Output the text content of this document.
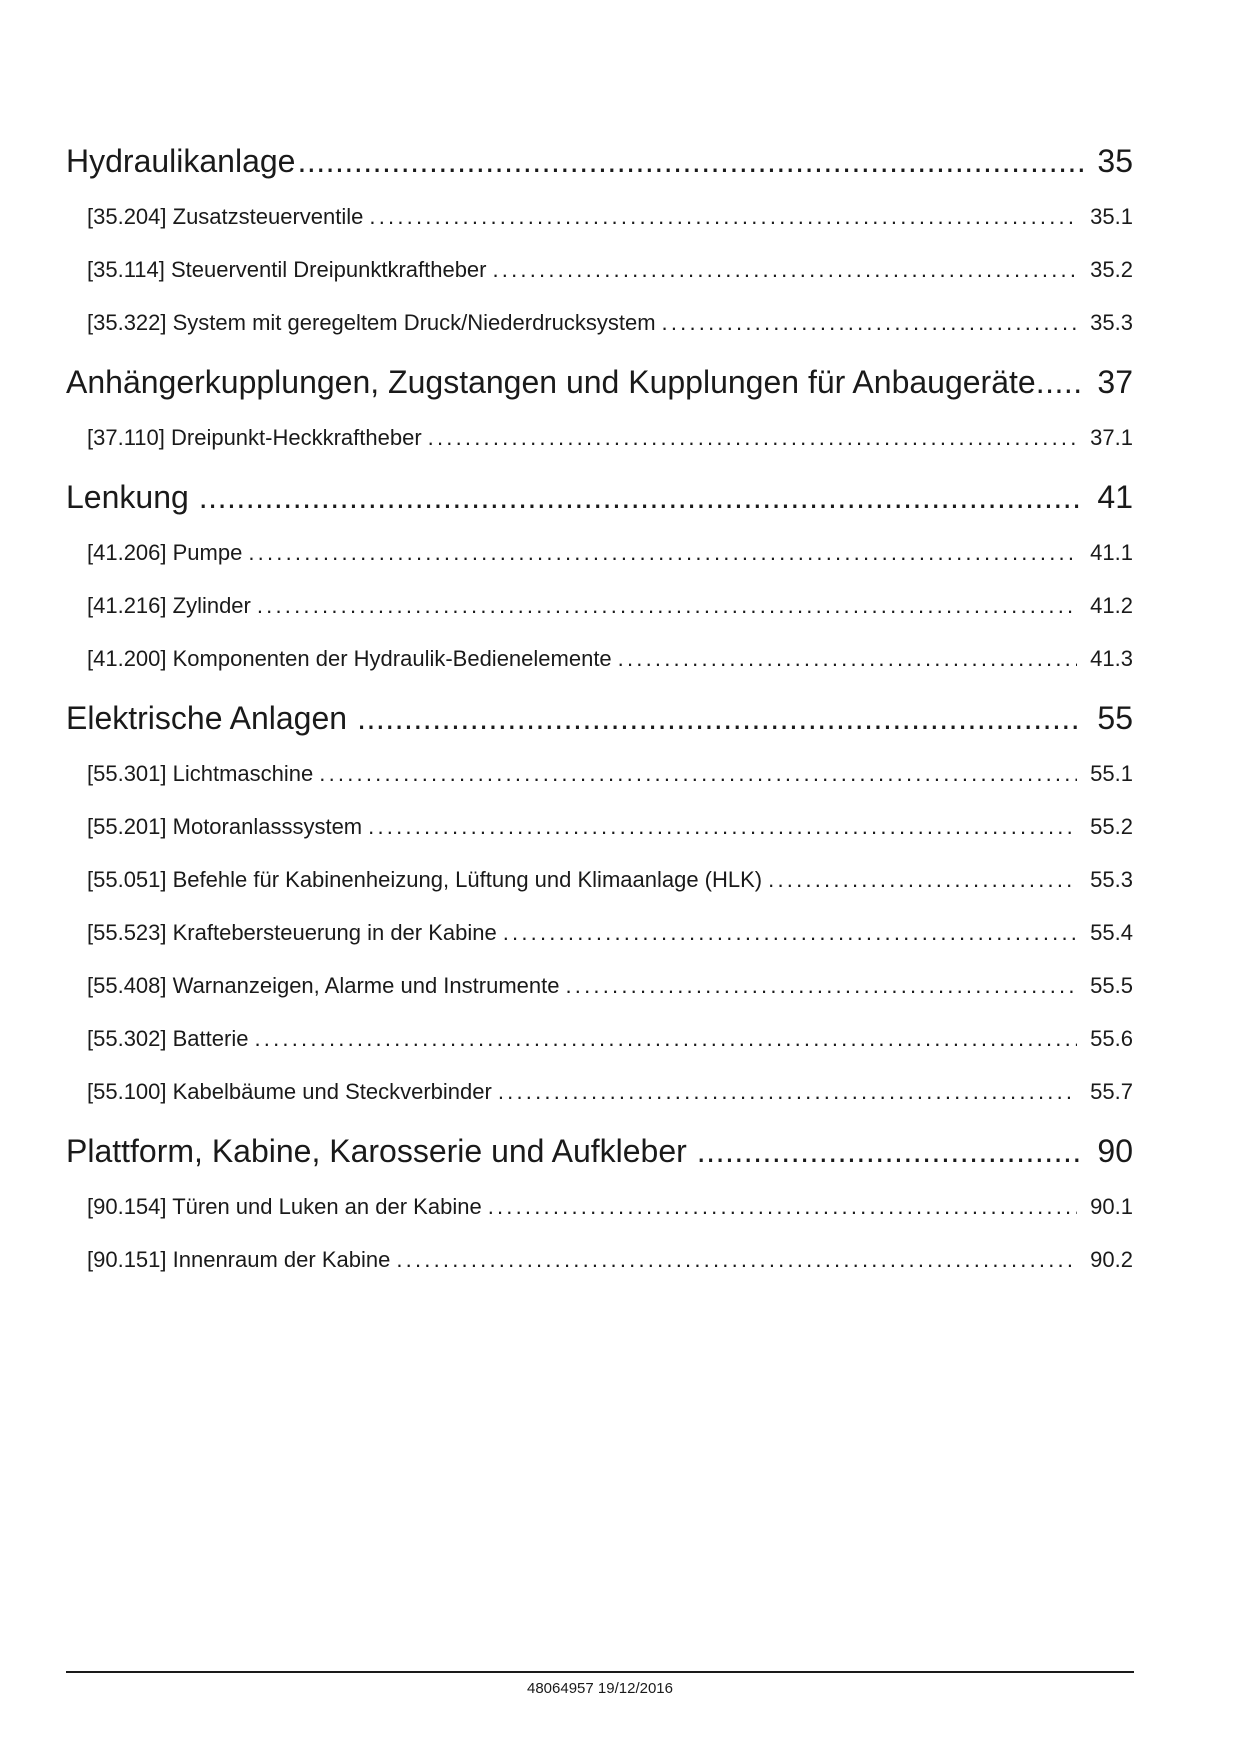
Hydraulikanlage .....	35
[35.204] Zusatzsteuerventile .....	35.1
[35.114] Steuerventil Dreipunktkraftheber .....	35.2
[35.322] System mit geregeltem Druck/Niederdrucksystem .....	35.3
Anhängerkupplungen, Zugstangen und Kupplungen für Anbaugeräte ..... 37
[37.110] Dreipunkt-Heckkraftheber .....	37.1
Lenkung .....	41
[41.206] Pumpe .....	41.1
[41.216] Zylinder .....	41.2
[41.200] Komponenten der Hydraulik-Bedienelemente .....	41.3
Elektrische Anlagen .....	55
[55.301] Lichtmaschine .....	55.1
[55.201] Motoranlasssystem .....	55.2
[55.051] Befehle für Kabinenheizung, Lüftung und Klimaanlage (HLK) .....	55.3
[55.523] Kraftebersteuerung in der Kabine .....	55.4
[55.408] Warnanzeigen, Alarme und Instrumente .....	55.5
[55.302] Batterie .....	55.6
[55.100] Kabelbäume und Steckverbinder .....	55.7
Plattform, Kabine, Karosserie und Aufkleber .....	90
[90.154] Türen und Luken an der Kabine .....	90.1
[90.151] Innenraum der Kabine .....	90.2
48064957 19/12/2016
